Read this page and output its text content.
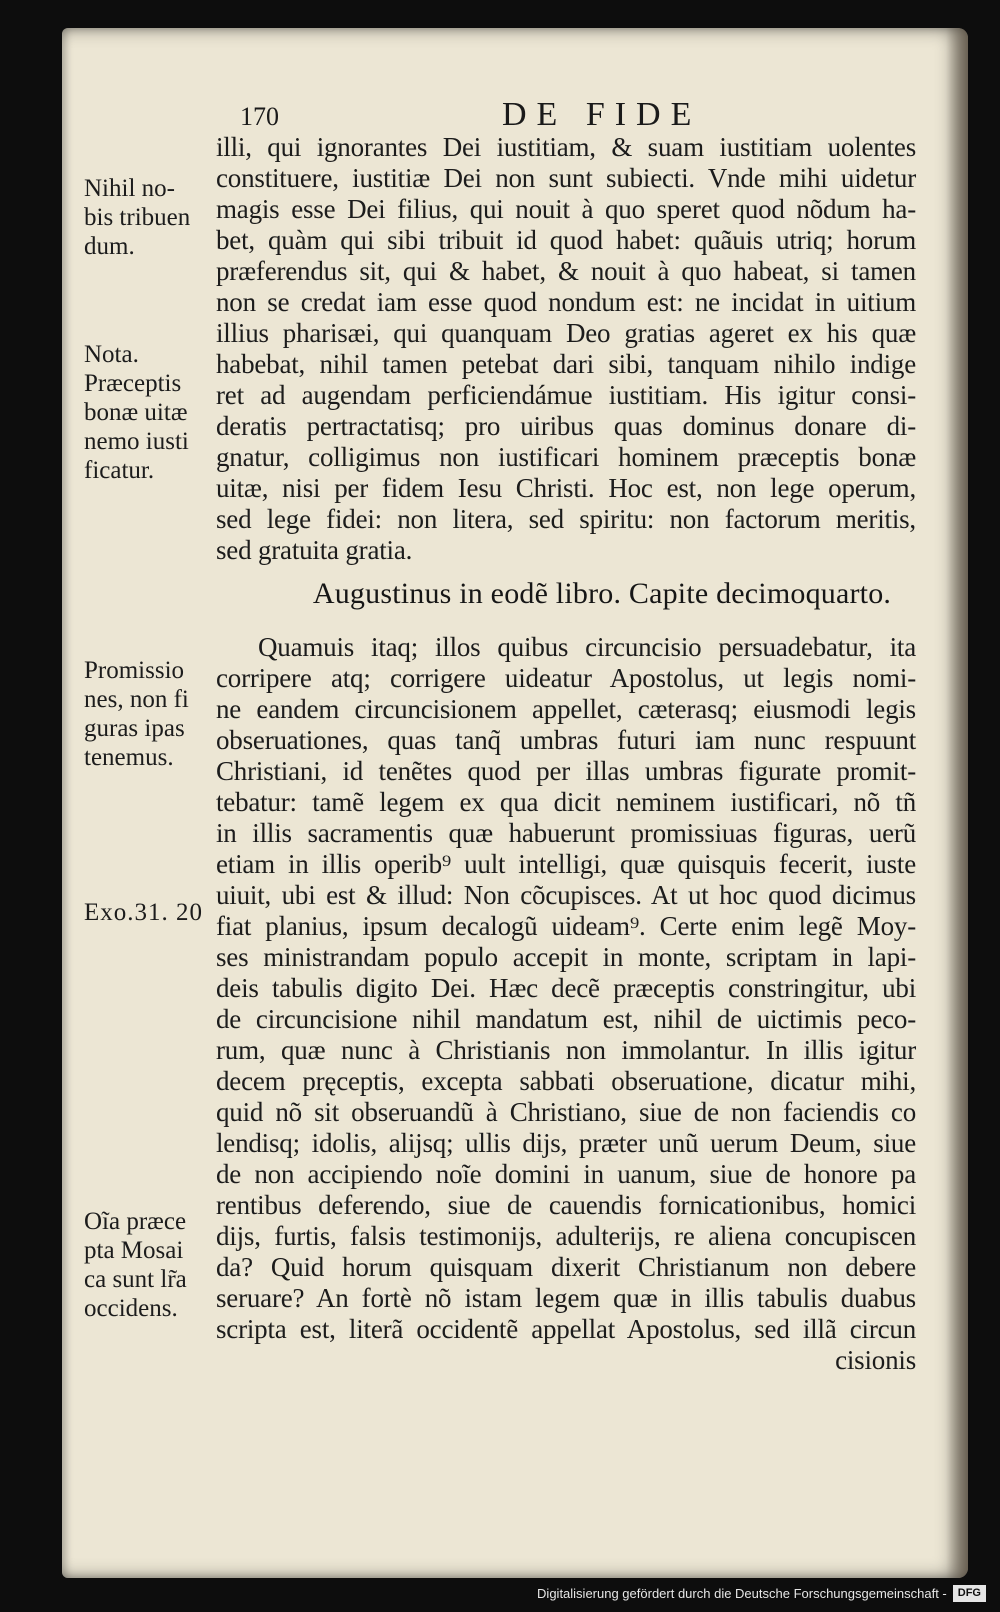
170	DE FIDE
Nihil no-
bis tribuen
dum.
Nota.
Præceptis
bonæ uitæ
nemo iusti
ficatur.
Promissio
nes, non fi
guras ipas
tenemus.
Exo.31. 20
Oĩa præce
pta Mosai
ca sunt lr̃a
occidens.
illi, qui ignorantes Dei iustitiam, & suam iustitiam uolentes
constituere, iustitiæ Dei non sunt subiecti. Vnde mihi uidetur
magis esse Dei filius, qui nouit à quo speret quod nõdum ha-
bet, quàm qui sibi tribuit id quod habet: quãuis utriq; horum
præferendus sit, qui & habet, & nouit à quo habeat, si tamen
non se credat iam esse quod nondum est: ne incidat in uitium
illius pharisæi, qui quanquam Deo gratias ageret ex his quæ
habebat, nihil tamen petebat dari sibi, tanquam nihilo indige
ret ad augendam perficiendámue iustitiam. His igitur consi-
deratis pertractatisq; pro uiribus quas dominus donare di-
gnatur, colligimus non iustificari hominem præceptis bonæ
uitæ, nisi per fidem Iesu Christi. Hoc est, non lege operum,
sed lege fidei: non litera, sed spiritu: non factorum meritis,
sed gratuita gratia.
Augustinus in eodẽ libro. Capite decimoquarto.
Quamuis itaq; illos quibus circuncisio persuadebatur, ita
corripere atq; corrigere uideatur Apostolus, ut legis nomi-
ne eandem circuncisionem appellet, cæterasq; eiusmodi legis
obseruationes, quas tanq̃ umbras futuri iam nunc respuunt
Christiani, id tenẽtes quod per illas umbras figurate promit-
tebatur: tamẽ legem ex qua dicit neminem iustificari, nõ tñ
in illis sacramentis quæ habuerunt promissiuas figuras, uerũ
etiam in illis operib⁹ uult intelligi, quæ quisquis fecerit, iuste
uiuit, ubi est & illud: Non cõcupisces. At ut hoc quod dicimus
fiat planius, ipsum decalogũ uideam⁹. Certe enim legẽ Moy-
ses ministrandam populo accepit in monte, scriptam in lapi-
deis tabulis digito Dei. Hæc decẽ præceptis constringitur, ubi
de circuncisione nihil mandatum est, nihil de uictimis peco-
rum, quæ nunc à Christianis non immolantur. In illis igitur
decem pręceptis, excepta sabbati obseruatione, dicatur mihi,
quid nõ sit obseruandũ à Christiano, siue de non faciendis co
lendisq; idolis, alijsq; ullis dijs, præter unũ uerum Deum, siue
de non accipiendo noĩe domini in uanum, siue de honore pa
rentibus deferendo, siue de cauendis fornicationibus, homici
dijs, furtis, falsis testimonijs, adulterijs, re aliena concupiscen
da? Quid horum quisquam dixerit Christianum non debere
seruare? An fortè nõ istam legem quæ in illis tabulis duabus
scripta est, literã occidentẽ appellat Apostolus, sed illã circun
cisionis
Digitalisierung gefördert durch die Deutsche Forschungsgemeinschaft -	DFG
